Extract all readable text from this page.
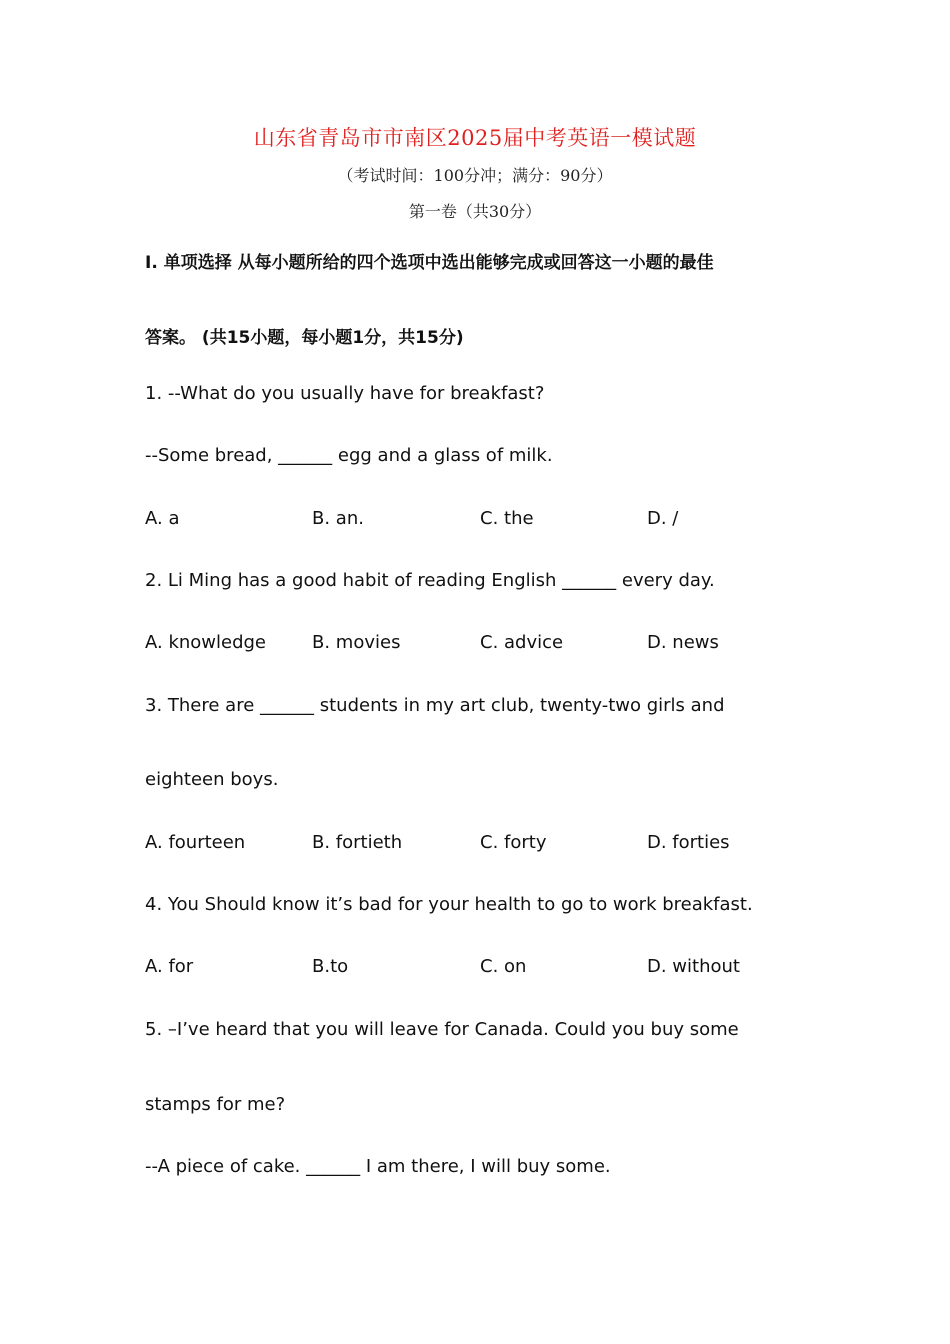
山东省青岛市市南区2025届中考英语一模试题
（考试时间：100分冲；满分：90分）
第一卷（共30分）
Ⅰ. 单项选择 从每小题所给的四个选项中选出能够完成或回答这一小题的最佳
答案。 (共15小题，每小题1分，共15分)
1. --What do you usually have for breakfast?
--Some bread, ______ egg and a glass of milk.
A. a	B. an.	C. the	D. /
2. Li Ming has a good habit of reading English ______ every day.
A. knowledge	B. movies	C. advice	D. news
3. There are ______ students in my art club, twenty-two girls and
eighteen boys.
A. fourteen	B. fortieth	C. forty	D. forties
4. You Should know it’s bad for your health to go to work breakfast.
A. for	B.to	C. on	D. without
5. –I’ve heard that you will leave for Canada. Could you buy some
stamps for me?
--A piece of cake. ______ I am there, I will buy some.
